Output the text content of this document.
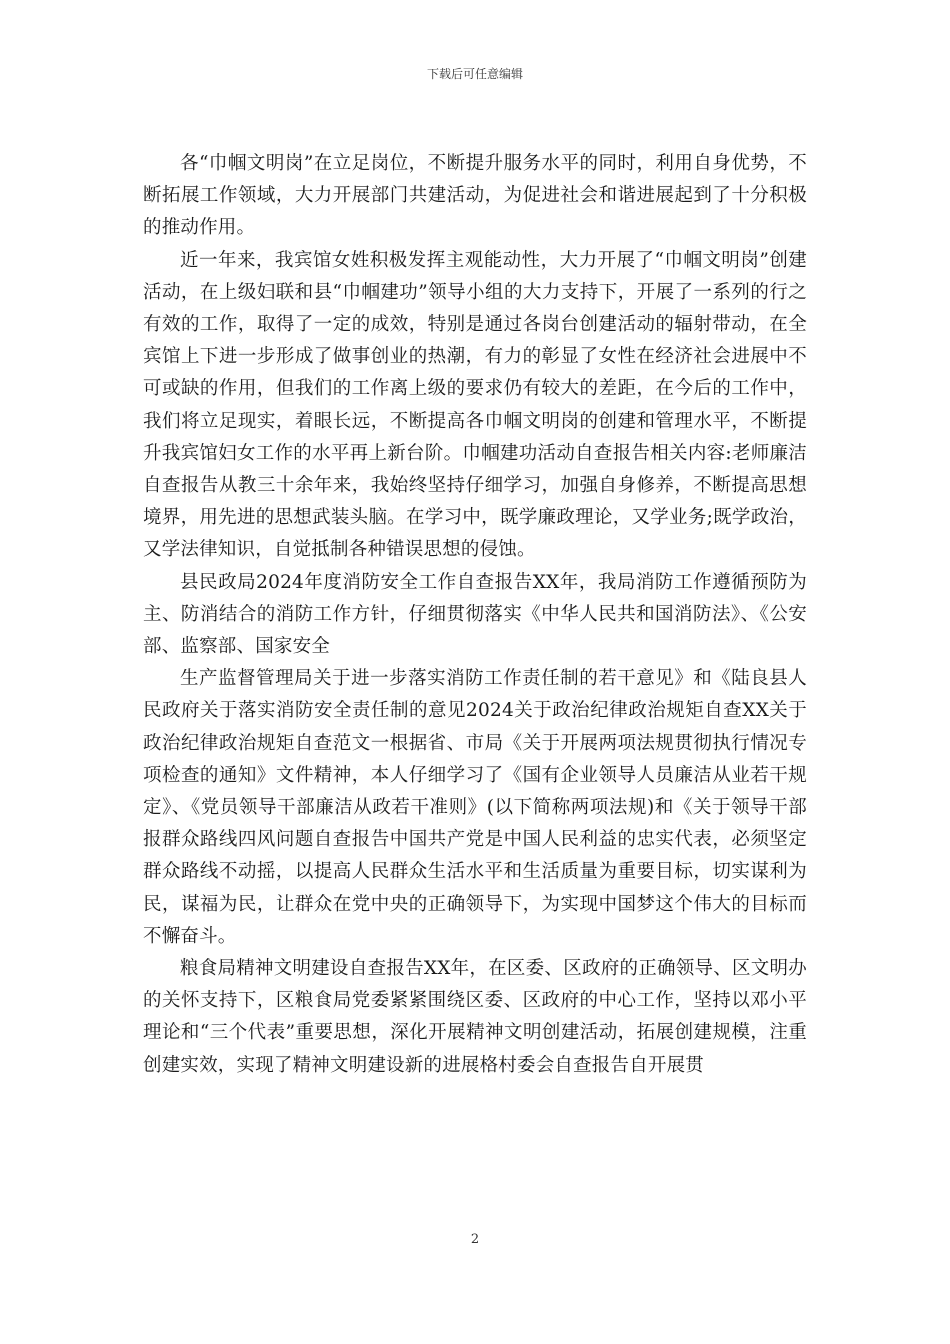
下载后可任意编辑

各“巾帼文明岗”在立足岗位，不断提升服务水平的同时，利用自身优势，不断拓展工作领域，大力开展部门共建活动，为促进社会和谐进展起到了十分积极的推动作用。

近一年来，我宾馆女姓积极发挥主观能动性，大力开展了“巾帼文明岗”创建活动，在上级妇联和县“巾帼建功”领导小组的大力支持下，开展了一系列的行之有效的工作，取得了一定的成效，特别是通过各岗台创建活动的辐射带动，在全宾馆上下进一步形成了做事创业的热潮，有力的彰显了女性在经济社会进展中不可或缺的作用，但我们的工作离上级的要求仍有较大的差距，在今后的工作中，我们将立足现实，着眼长远，不断提高各巾帼文明岗的创建和管理水平，不断提升我宾馆妇女工作的水平再上新台阶。巾帼建功活动自查报告相关内容:老师廉洁自查报告从教三十余年来，我始终坚持仔细学习，加强自身修养，不断提高思想境界，用先进的思想武装头脑。在学习中，既学廉政理论，又学业务;既学政治，又学法律知识，自觉抵制各种错误思想的侵蚀。

县民政局2024年度消防安全工作自查报告XX年，我局消防工作遵循预防为主、防消结合的消防工作方针，仔细贯彻落实《中华人民共和国消防法》、《公安部、监察部、国家安全

生产监督管理局关于进一步落实消防工作责任制的若干意见》和《陆良县人民政府关于落实消防安全责任制的意见2024关于政治纪律政治规矩自查XX关于政治纪律政治规矩自查范文一根据省、市局《关于开展两项法规贯彻执行情况专项检查的通知》文件精神，本人仔细学习了《国有企业领导人员廉洁从业若干规定》、《党员领导干部廉洁从政若干准则》(以下简称两项法规)和《关于领导干部报群众路线四风问题自查报告中国共产党是中国人民利益的忠实代表，必须坚定群众路线不动摇，以提高人民群众生活水平和生活质量为重要目标，切实谋利为民，谋福为民，让群众在党中央的正确领导下，为实现中国梦这个伟大的目标而不懈奋斗。

粮食局精神文明建设自查报告XX年，在区委、区政府的正确领导、区文明办的关怀支持下，区粮食局党委紧紧围绕区委、区政府的中心工作，坚持以邓小平理论和“三个代表”重要思想，深化开展精神文明创建活动，拓展创建规模，注重创建实效，实现了精神文明建设新的进展格村委会自查报告自开展贯

2
